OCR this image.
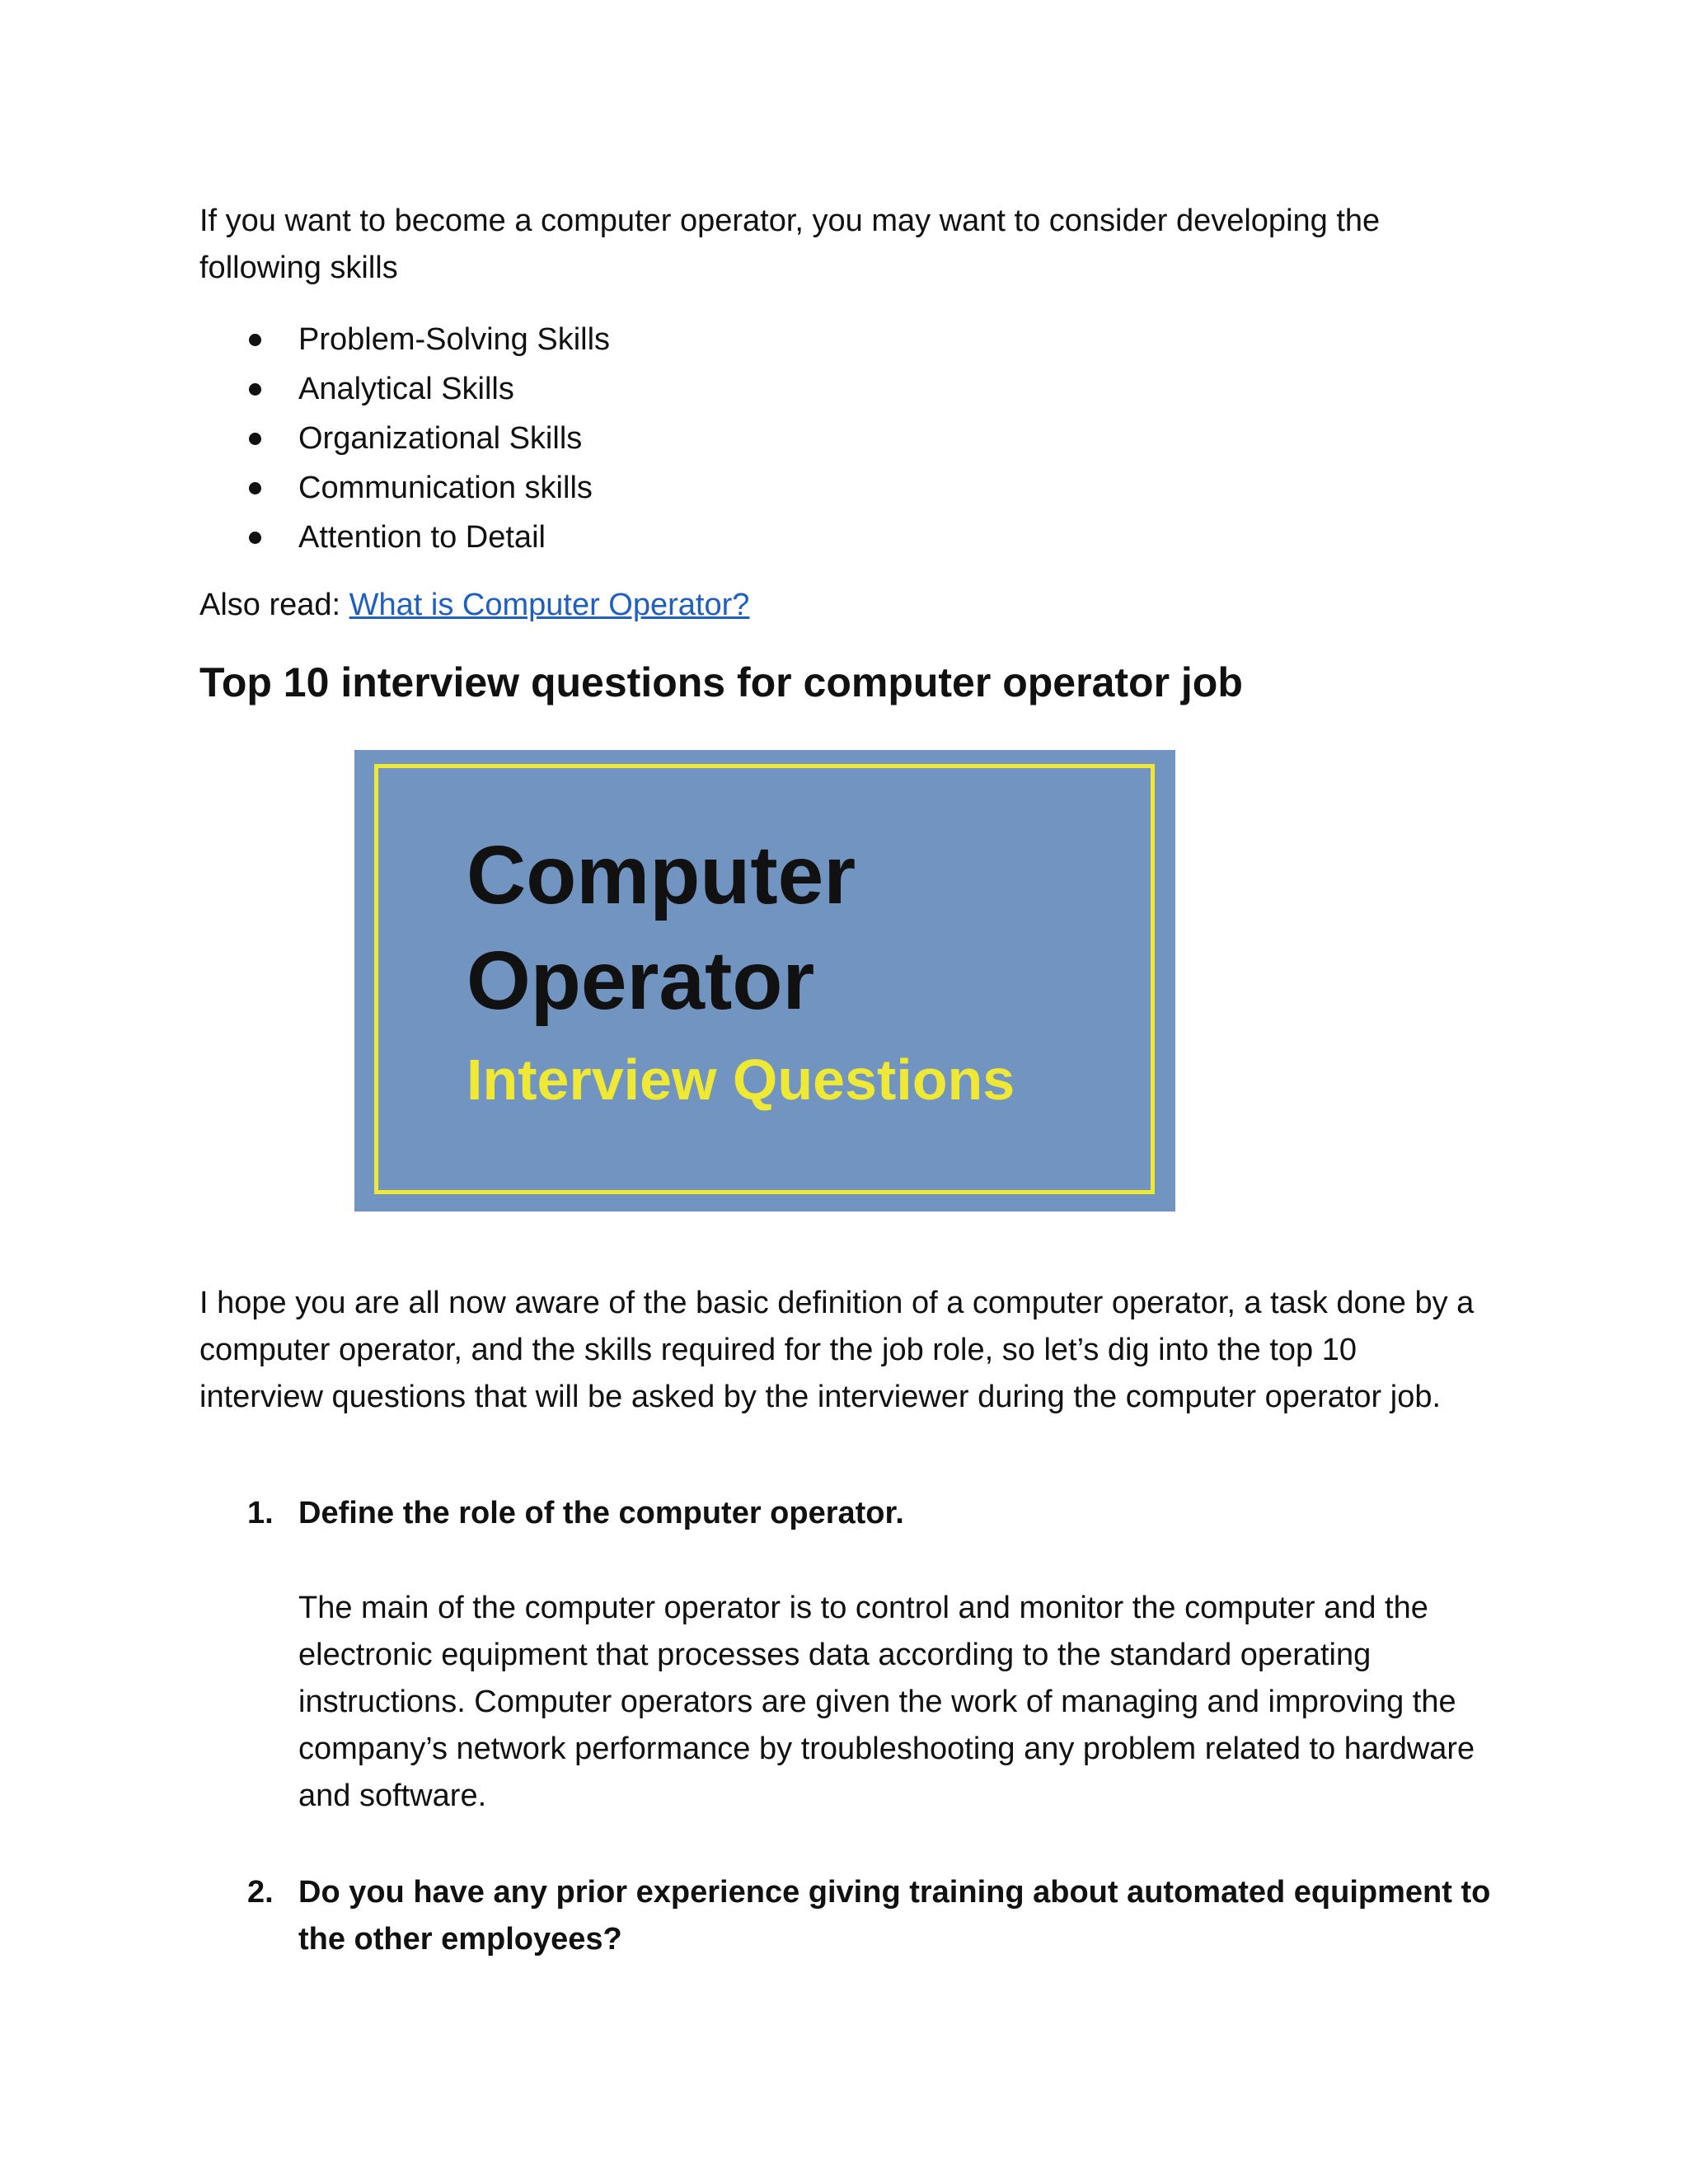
If you want to become a computer operator, you may want to consider developing the following skills

Problem-Solving Skills
Analytical Skills
Organizational Skills
Communication skills
Attention to Detail

Also read: What is Computer Operator?

Top 10 interview questions for computer operator job

Computer

Operator

Interview Questions

I hope you are all now aware of the basic definition of a computer operator, a task done by a computer operator, and the skills required for the job role, so let’s dig into the top 10 interview questions that will be asked by the interviewer during the computer operator job.

1. Define the role of the computer operator.

The main of the computer operator is to control and monitor the computer and the electronic equipment that processes data according to the standard operating instructions. Computer operators are given the work of managing and improving the company’s network performance by troubleshooting any problem related to hardware and software.

2. Do you have any prior experience giving training about automated equipment to the other employees?
